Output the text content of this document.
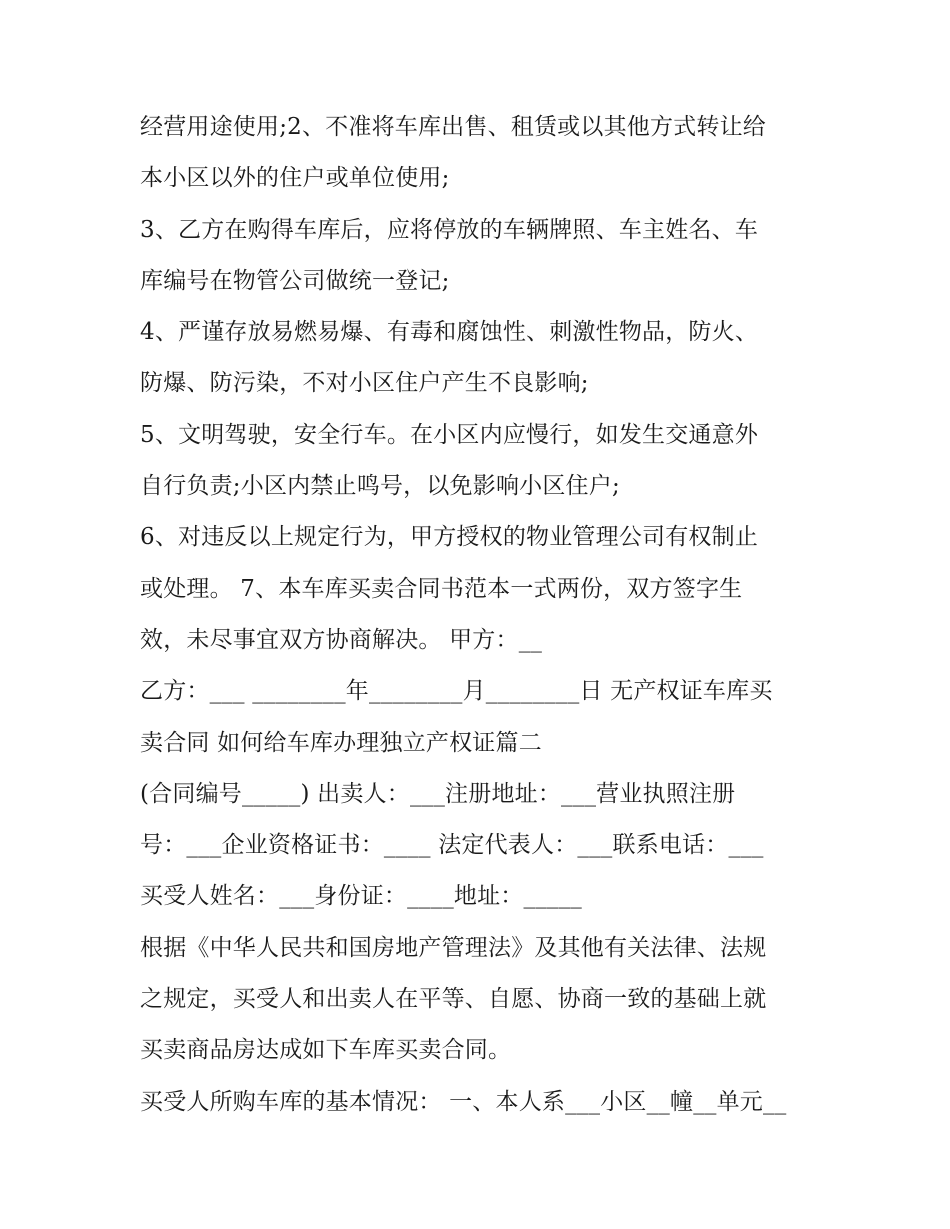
经营用途使用;2、不准将车库出售、租赁或以其他方式转让给
本小区以外的住户或单位使用;
3、乙方在购得车库后，应将停放的车辆牌照、车主姓名、车
库编号在物管公司做统一登记;
4、严谨存放易燃易爆、有毒和腐蚀性、刺激性物品，防火、
防爆、防污染，不对小区住户产生不良影响;
5、文明驾驶，安全行车。在小区内应慢行，如发生交通意外
自行负责;小区内禁止鸣号，以免影响小区住户;
6、对违反以上规定行为，甲方授权的物业管理公司有权制止
或处理。 7、本车库买卖合同书范本一式两份，双方签字生
效，未尽事宜双方协商解决。 甲方：__
乙方：___ ________年________月________日 无产权证车库买
卖合同 如何给车库办理独立产权证篇二
(合同编号_____) 出卖人：___注册地址：___营业执照注册
号：___企业资格证书：____ 法定代表人：___联系电话：___
买受人姓名：___身份证：____地址：_____
根据《中华人民共和国房地产管理法》及其他有关法律、法规
之规定，买受人和出卖人在平等、自愿、协商一致的基础上就
买卖商品房达成如下车库买卖合同。
买受人所购车库的基本情况： 一、本人系___小区__幢__单元__
